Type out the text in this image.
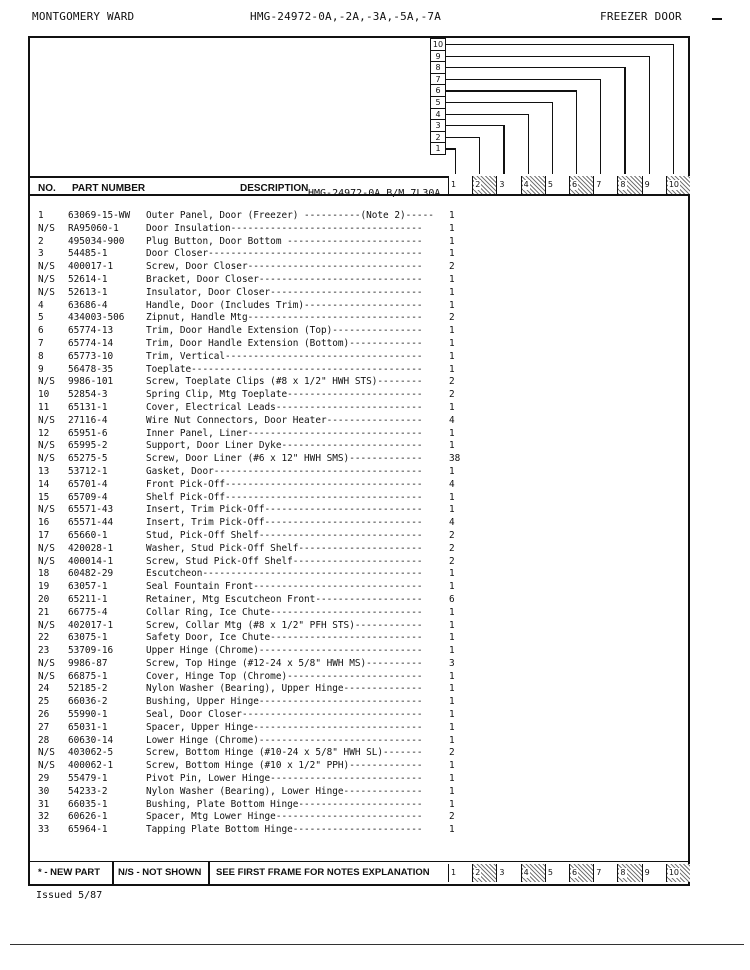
MONTGOMERY WARD	HMG-24972-0A,-2A,-3A,-5A,-7A	FREEZER DOOR
10
9
8
7
6
5
4
3
2
1
NO. PART NUMBER	DESCRIPTION	1 2 3 4 5 6 7 8 9 10
1	63069-15-WW Outer Panel, Door (Freezer) ----------(Note 2)-----	1
N/S RA95060-1	Door Insulation----------------------------------	1
2	495034-900 Plug Button, Door Bottom ------------------------	1
3	54485-1	Door Closer--------------------------------------	1
N/S 400017-1	Screw, Door Closer-------------------------------	2
N/S 52614-1	Bracket, Door Closer-----------------------------	1
N/S 52613-1	Insulator, Door Closer---------------------------	1
4	63686-4	Handle, Door (Includes Trim)---------------------	1
5	434003-506 Zipnut, Handle Mtg-------------------------------	2
6	65774-13	Trim, Door Handle Extension (Top)----------------	1
7	65774-14	Trim, Door Handle Extension (Bottom)-------------	1
8	65773-10	Trim, Vertical-----------------------------------	1
9	56478-35	Toeplate-----------------------------------------	1
N/S 9986-101	Screw, Toeplate Clips (#8 x 1/2" HWH STS)--------	2
10 52854-3	Spring Clip, Mtg Toeplate------------------------	2
11 65131-1	Cover, Electrical Leads--------------------------	1
N/S 27116-4	Wire Nut Connectors, Door Heater-----------------	4
12 65951-6	Inner Panel, Liner-------------------------------	1
N/S 65995-2	Support, Door Liner Dyke-------------------------	1
N/S 65275-5	Screw, Door Liner (#6 x 12" HWH SMS)-------------	38
13 53712-1	Gasket, Door-------------------------------------	1
14 65701-4	Front Pick-Off-----------------------------------	4
15 65709-4	Shelf Pick-Off-----------------------------------	1
N/S 65571-43	Insert, Trim Pick-Off----------------------------	1
16 65571-44	Insert, Trim Pick-Off----------------------------	4
17 65660-1	Stud, Pick-Off Shelf-----------------------------	2
N/S 420028-1	Washer, Stud Pick-Off Shelf----------------------	2
N/S 400014-1	Screw, Stud Pick-Off Shelf-----------------------	2
18 60482-29	Escutcheon---------------------------------------	1
19 63057-1	Seal Fountain Front------------------------------	1
20 65211-1	Retainer, Mtg Escutcheon Front-------------------	6
21 66775-4	Collar Ring, Ice Chute---------------------------	1
N/S 402017-1	Screw, Collar Mtg (#8 x 1/2" PFH STS)------------	1
22 63075-1	Safety Door, Ice Chute---------------------------	1
23 53709-16	Upper Hinge (Chrome)-----------------------------	1
N/S 9986-87	Screw, Top Hinge (#12-24 x 5/8" HWH MS)----------	3
N/S 66875-1	Cover, Hinge Top (Chrome)------------------------	1
24 52185-2	Nylon Washer (Bearing), Upper Hinge--------------	1
25 66036-2	Bushing, Upper Hinge-----------------------------	1
26 55990-1	Seal, Door Closer--------------------------------	1
27 65031-1	Spacer, Upper Hinge------------------------------	1
28 60630-14	Lower Hinge (Chrome)-----------------------------	1
N/S 403062-5	Screw, Bottom Hinge (#10-24 x 5/8" HWH SL)-------	2
N/S 400062-1	Screw, Bottom Hinge (#10 x 1/2" PPH)-------------	1
29 55479-1	Pivot Pin, Lower Hinge---------------------------	1
30 54233-2	Nylon Washer (Bearing), Lower Hinge--------------	1
31 66035-1	Bushing, Plate Bottom Hinge----------------------	1
32 60626-1	Spacer, Mtg Lower Hinge--------------------------	2
33 65964-1	Tapping Plate Bottom Hinge-----------------------	1
* - NEW PART N/S - NOT SHOWN SEE FIRST FRAME FOR NOTES EXPLANATION	1 2 3 4 5 6 7 8 9 10
Issued 5/87
